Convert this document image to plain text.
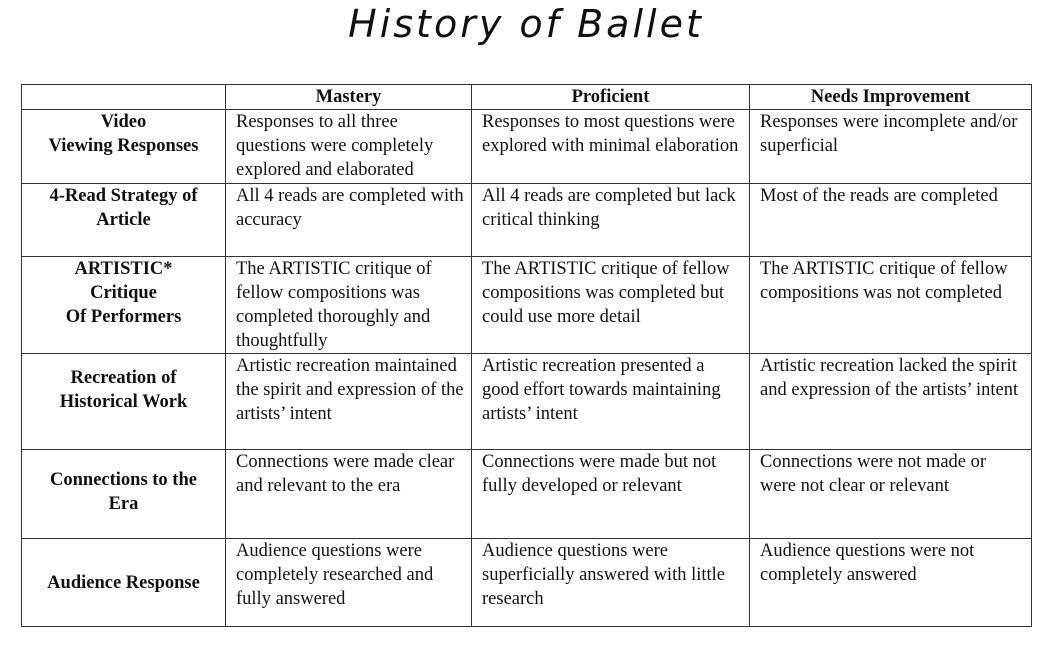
History of Ballet
	Mastery	Proficient	Needs Improvement
Video
Viewing Responses	Responses to all three questions were completely explored and elaborated	Responses to most questions were explored with minimal elaboration	Responses were incomplete and/or superficial
4-Read Strategy of
Article	All 4 reads are completed with accuracy	All 4 reads are completed but lack critical thinking	Most of the reads are completed
ARTISTIC*
Critique
Of Performers	The ARTISTIC critique of fellow compositions was completed thoroughly and thoughtfully	The ARTISTIC critique of fellow compositions was completed but could use more detail	The ARTISTIC critique of fellow compositions was not completed
Recreation of
Historical Work	Artistic recreation maintained the spirit and expression of the artists’ intent	Artistic recreation presented a good effort towards maintaining artists’ intent	Artistic recreation lacked the spirit and expression of the artists’ intent
Connections to the
Era	Connections were made clear and relevant to the era	Connections were made but not fully developed or relevant	Connections were not made or were not clear or relevant
Audience Response	Audience questions were completely researched and fully answered	Audience questions were superficially answered with little research	Audience questions were not completely answered
